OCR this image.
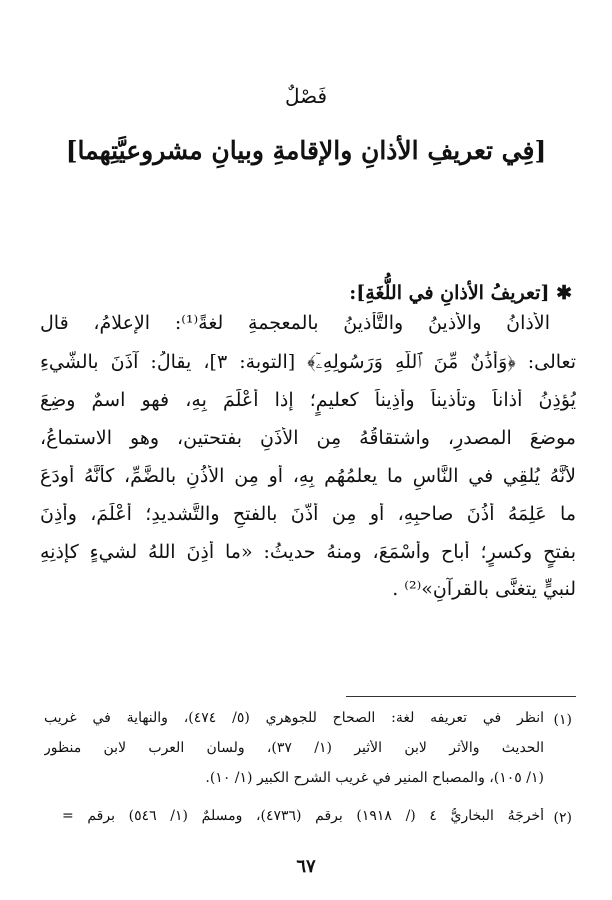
فَصْلٌ
[فِي تعريفِ الأذانِ والإقامةِ وبيانِ مشروعيَّتِهما]
✱ [تعريفُ الأذانِ في اللُّغَةِ]:
الأذانُ والأذينُ والتَّأذينُ بالمعجمةِ لغةً⁽¹⁾: الإعلامُ، قال
تعالى: ﴿وَأَذَٰنٌ مِّنَ ٱللَّهِ وَرَسُولِهِۦٓ﴾ [التوبة: ٣]، يقالُ: آذَنَ بالشَّيءِ
يُؤذِنُ أذاناً وتأذيناً وأذِيناً كعليمٍ؛ إذا أَعْلَمَ بِهِ، فهو اسمٌ وضِعَ
موضعَ المصدرِ، واشتقاقُهُ مِن الأَذَنِ بفتحتين، وهو الاستماعُ،
لأنَّهُ يُلقِي في النَّاسِ ما يعلمُهُم بِهِ، أو مِن الأُذُنِ بالضَّمِّ، كأنَّهُ أودَعَ
ما عَلِمَهُ أُذُنَ صاحبِهِ، أو مِن أَذَّنَ بالفتحِ والتَّشديدِ؛ أَعْلَمَ، وأَذِنَ
بفتحٍ وكسرٍ؛ أباح وأَسْمَعَ، ومنهُ حديثُ: «ما أَذِنَ اللهُ لشيءٍ كإذنِهِ
لنبيٍّ يتغنَّى بالقرآنِ»⁽²⁾ .
(١)
انظر في تعريفه لغة: الصحاح للجوهري (٥/ ٤٧٤)، والنهاية في غريب
الحديث والأثر لابن الأثير (١/ ٣٧)، ولسان العرب لابن منظور
(١/ ١٠٥)، والمصباح المنير في غريب الشرح الكبير (١/ ١٠).
(٢)
أخرجَهُ البخاريُّ ٤ (/ ١٩١٨) برقم (٤٧٣٦)، ومسلمٌ (١/ ٥٤٦) برقم =
٦٧
